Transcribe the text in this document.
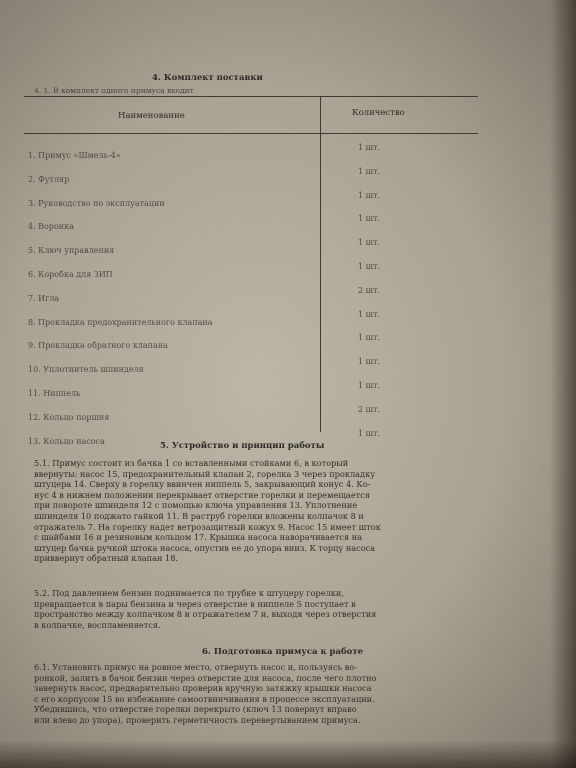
4. Комплект поставки
4. 1. В комплект одного примуса входит
Наименование	Количество
1. Примус «Шмель-4»
1 шт.
2. Футляр
1 шт.
3. Руководство по эксплуатации
1 шт.
4. Воронка
1 шт.
5. Ключ управления
1 шт.
6. Коробка для ЗИП
1 шт.
7. Игла
2 шт.
8. Прокладка предохранительного клапана
1 шт.
9. Прокладка обратного клапана
1 шт.
10. Уплотнитель шпинделя
1 шт.
11. Ниппель
1 шт.
12. Кольцо поршня
2 шт.
13. Кольцо насоса
1 шт.
5. Устройство и принцип работы
5.1. Примус состоит из бачка 1 со вставленными стойками 6, в который
ввернуты: насос 15, предохранительный клапан 2, горелка 3 через прокладку
штуцера 14. Сверху в горелку ввинчен ниппель 5, закрывающий конус 4. Ко-
нус 4 в нижнем положении перекрывает отверстие горелки и перемещается
при повороте шпинделя 12 с помощью ключа управления 13. Уплотнение
шпинделя 10 поджато гайкой 11. В раструб горелки вложены колпачок 8 и
отражатель 7. На горелку надет ветрозащитный кожух 9. Насос 15 имеет шток
с шайбами 16 и резиновым кольцом 17. Крышка насоса наворачивается на
штуцер бачка ручкой штока насоса, опустив ее до упора вниз. К торцу насоса
приввернут обратный клапан 18.
5.2. Под давлением бензин поднимается по трубке к штуцеру горелки,
превращается в пары бензина и через отверстие в ниппеле 5 поступает в
пространство между колпачком 8 и отражателем 7 и, выходя через отверстия
в колпачке, воспламеняется.
6. Подготовка примуса к работе
6.1. Установить примус на ровное место, отвернуть насос и, пользуясь во-
ронкой, залить в бачок бензин через отверстие для насоса, после чего плотно
завернуть насос, предварительно проверив вручную затяжку крышки насоса
с его корпусом 15 во избежание самоотвинчивания в процессе эксплуатации.
Убедившись, что отверстие горелки перекрыто (ключ 13 повернут вправо
или влево до упора), проверить герметичность перевертыванием примуса.
